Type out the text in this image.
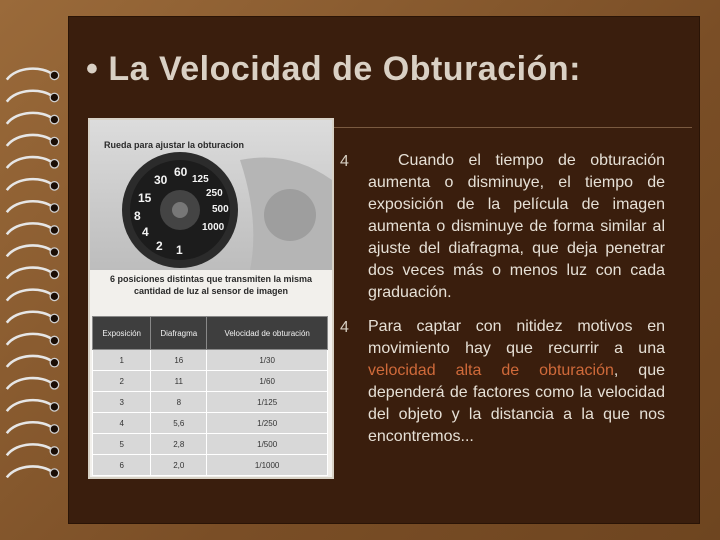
• La Velocidad de Obturación:
Rueda para ajustar la obturacion
30
60
125
250
500
1000
15
8
4
2 1
6 posiciones distintas que transmiten la misma
cantidad de luz al sensor de imagen
Exposición	Diafragma	Velocidad de obturación
1	16	1/30
2	11	1/60
3	8	1/125
4	5,6	1/250
5	2,8	1/500
6	2,0	1/1000
4	Cuando el tiempo de obturación aumenta o disminuye, el tiempo de exposición de la película de imagen aumenta o disminuye de forma similar al ajuste del diafragma, que deja penetrar dos veces más o menos luz con cada graduación.
4 Para captar con nitidez motivos en movimiento hay que recurrir a una velocidad alta de obturación, que dependerá de factores como la velocidad del objeto y la distancia a la que nos encontremos...
